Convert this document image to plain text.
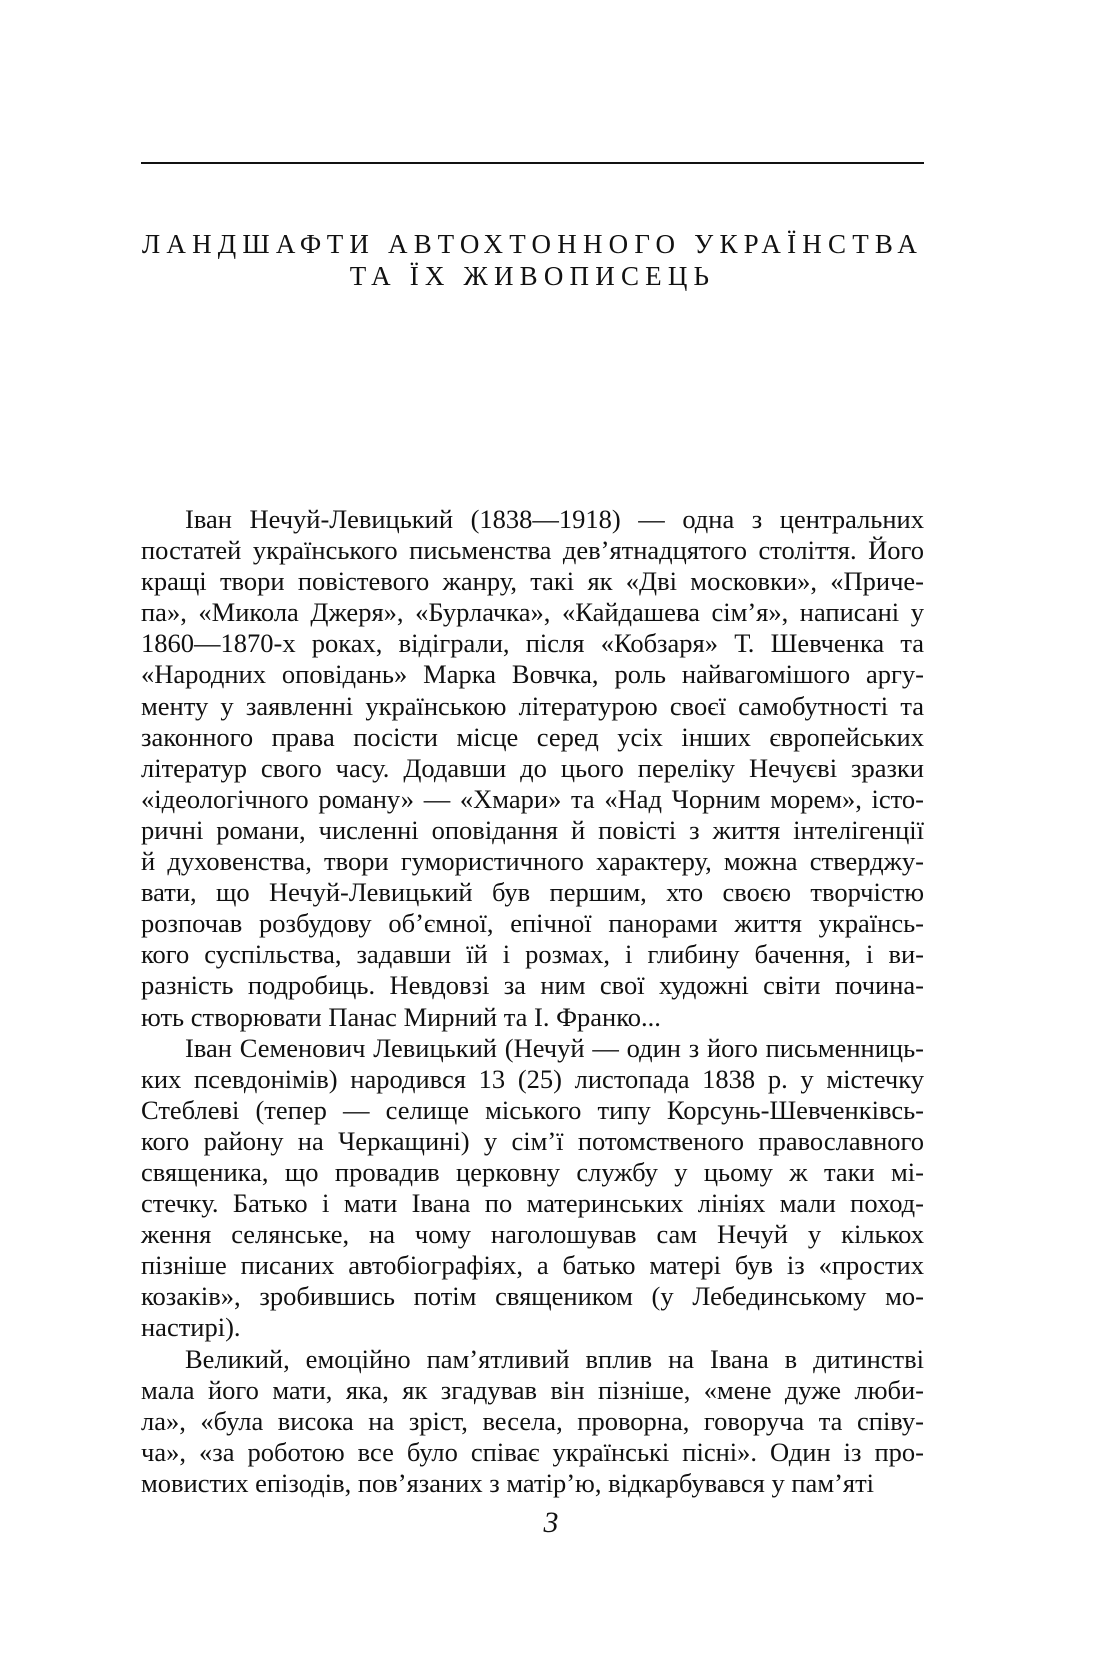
ЛАНДШАФТИ АВТОХТОННОГО УКРАЇНСТВА
ТА ЇХ ЖИВОПИСЕЦЬ
Іван Нечуй-Левицький (1838—1918) — одна з центральних
постатей українського письменства дев’ятнадцятого століття. Його
кращі твори повістевого жанру, такі як «Дві московки», «Приче-
па», «Микола Джеря», «Бурлачка», «Кайдашева сім’я», написані у
1860—1870-х роках, відіграли, після «Кобзаря» Т. Шевченка та
«Народних оповідань» Марка Вовчка, роль найвагомішого аргу-
менту у заявленні українською літературою своєї самобутності та
законного права посісти місце серед усіх інших європейських
літератур свого часу. Додавши до цього переліку Нечуєві зразки
«ідеологічного роману» — «Хмари» та «Над Чорним морем», істо-
ричні романи, численні оповідання й повісті з життя інтелігенції
й духовенства, твори гумористичного характеру, можна стверджу-
вати, що Нечуй-Левицький був першим, хто своєю творчістю
розпочав розбудову об’ємної, епічної панорами життя українсь-
кого суспільства, задавши їй і розмах, і глибину бачення, і ви-
разність подробиць. Невдовзі за ним свої художні світи почина-
ють створювати Панас Мирний та І. Франко...
Іван Семенович Левицький (Нечуй — один з його письменниць-
ких псевдонімів) народився 13 (25) листопада 1838 р. у містечку
Стеблеві (тепер — селище міського типу Корсунь-Шевченківсь-
кого району на Черкащині) у сім’ї потомственого православного
священика, що провадив церковну службу у цьому ж таки мі-
стечку. Батько і мати Івана по материнських лініях мали поход-
ження селянське, на чому наголошував сам Нечуй у кількох
пізніше писаних автобіографіях, а батько матері був із «простих
козаків», зробившись потім священиком (у Лебединському мо-
настирі).
Великий, емоційно пам’ятливий вплив на Івана в дитинстві
мала його мати, яка, як згадував він пізніше, «мене дуже люби-
ла», «була висока на зріст, весела, проворна, говоруча та співу-
ча», «за роботою все було співає українські пісні». Один із про-
мовистих епізодів, пов’язаних з матір’ю, відкарбувався у пам’яті
3
